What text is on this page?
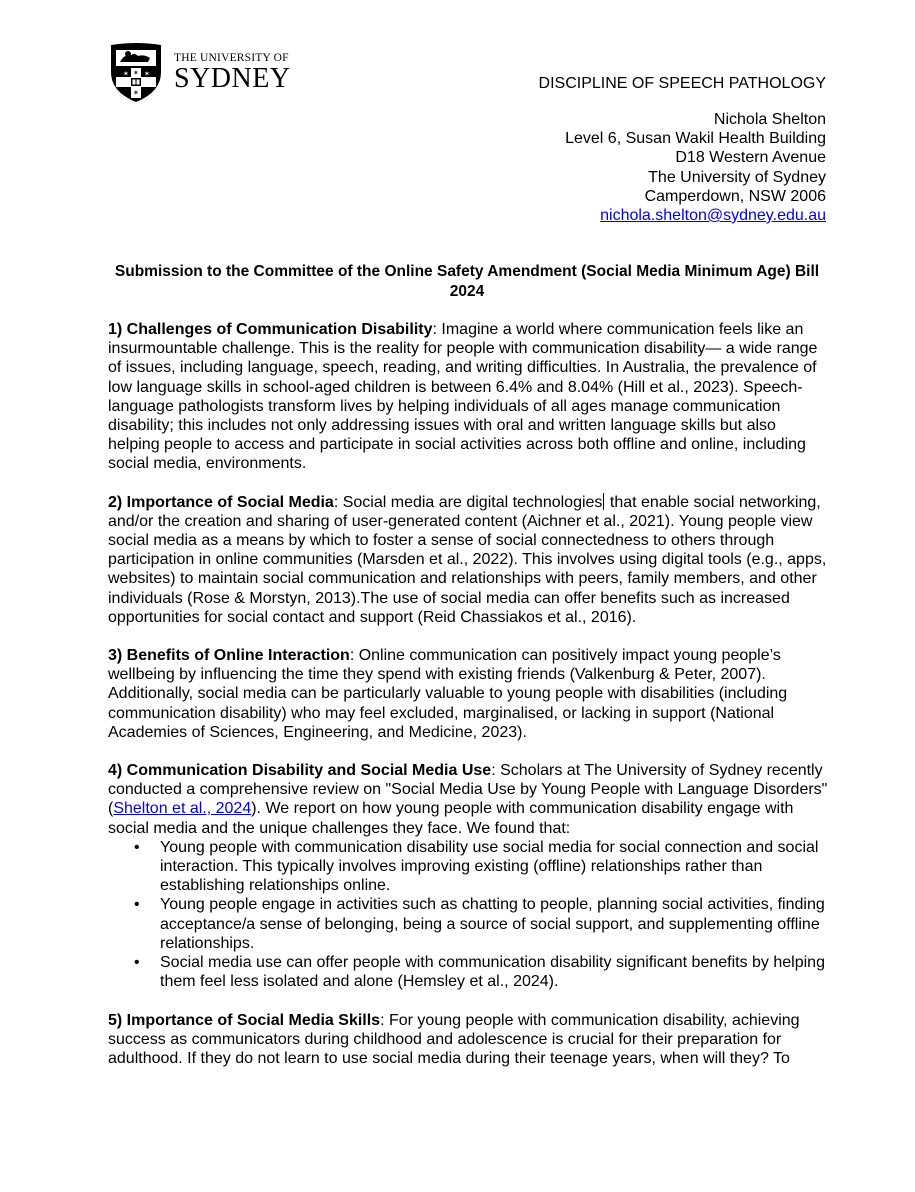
✶ ✶
✶
✶
THE UNIVERSITY OF
SYDNEY	DISCIPLINE OF SPEECH PATHOLOGY
Nichola Shelton
Level 6, Susan Wakil Health Building
D18 Western Avenue
The University of Sydney
Camperdown, NSW 2006
nichola.shelton@sydney.edu.au
Submission to the Committee of the Online Safety Amendment (Social Media Minimum Age) Bill 2024

1) Challenges of Communication Disability: Imagine a world where communication feels like an insurmountable challenge. This is the reality for people with communication disability— a wide range of issues, including language, speech, reading, and writing difficulties. In Australia, the prevalence of low language skills in school-aged children is between 6.4% and 8.04% (Hill et al., 2023). Speech-language pathologists transform lives by helping individuals of all ages manage communication disability; this includes not only addressing issues with oral and written language skills but also helping people to access and participate in social activities across both offline and online, including social media, environments.

2) Importance of Social Media: Social media are digital technologies that enable social networking, and/or the creation and sharing of user-generated content (Aichner et al., 2021). Young people view social media as a means by which to foster a sense of social connectedness to others through participation in online communities (Marsden et al., 2022). This involves using digital tools (e.g., apps, websites) to maintain social communication and relationships with peers, family members, and other individuals (Rose & Morstyn, 2013).The use of social media can offer benefits such as increased opportunities for social contact and support (Reid Chassiakos et al., 2016).

3) Benefits of Online Interaction: Online communication can positively impact young people’s wellbeing by influencing the time they spend with existing friends (Valkenburg & Peter, 2007). Additionally, social media can be particularly valuable to young people with disabilities (including communication disability) who may feel excluded, marginalised, or lacking in support (National Academies of Sciences, Engineering, and Medicine, 2023).

4) Communication Disability and Social Media Use: Scholars at The University of Sydney recently conducted a comprehensive review on "Social Media Use by Young People with Language Disorders" (Shelton et al., 2024). We report on how young people with communication disability engage with social media and the unique challenges they face. We found that:
• Young people with communication disability use social media for social connection and social interaction. This typically involves improving existing (offline) relationships rather than establishing relationships online.
• Young people engage in activities such as chatting to people, planning social activities, finding acceptance/a sense of belonging, being a source of social support, and supplementing offline relationships.
• Social media use can offer people with communication disability significant benefits by helping them feel less isolated and alone (Hemsley et al., 2024).

5) Importance of Social Media Skills: For young people with communication disability, achieving success as communicators during childhood and adolescence is crucial for their preparation for adulthood. If they do not learn to use social media during their teenage years, when will they? To
